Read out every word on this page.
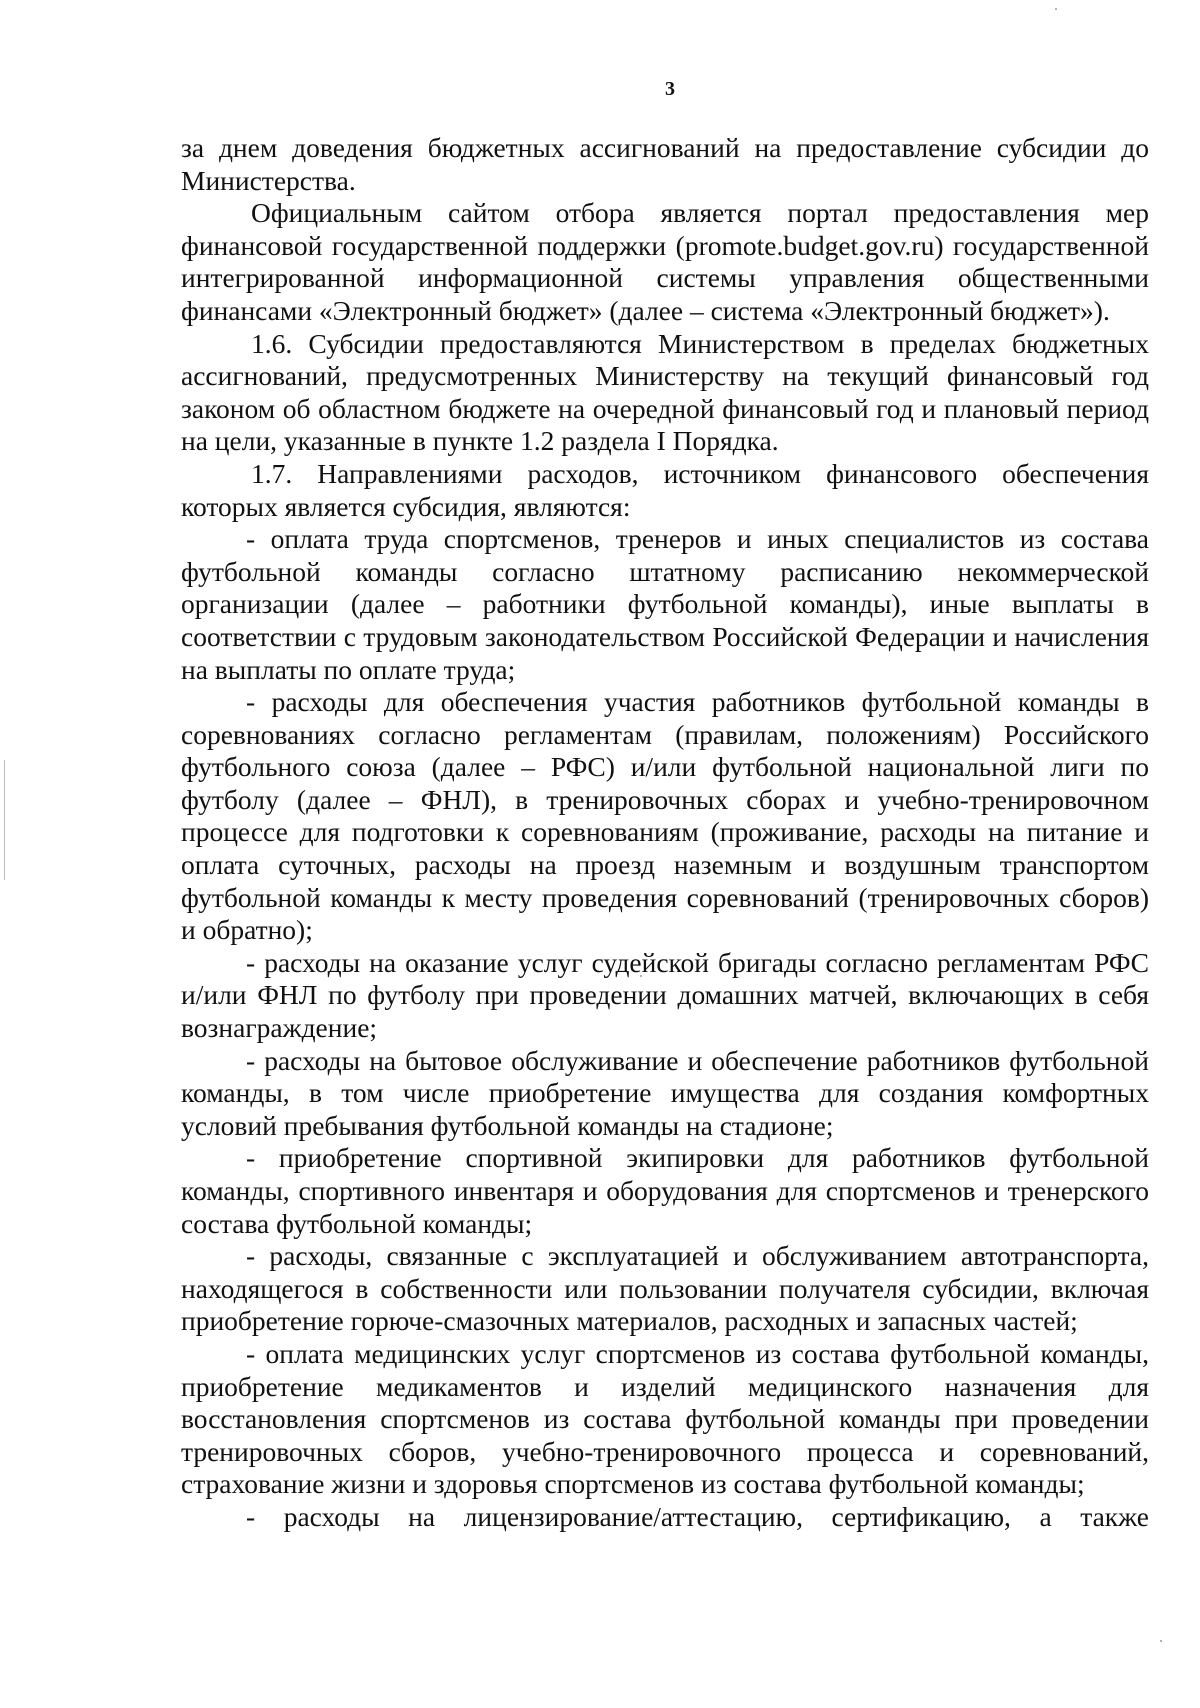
3

за днем доведения бюджетных ассигнований на предоставление субсидии до Министерства.

Официальным сайтом отбора является портал предоставления мер финансовой государственной поддержки (promote.budget.gov.ru) государственной интегрированной информационной системы управления общественными финансами «Электронный бюджет» (далее – система «Электронный бюджет»).

1.6. Субсидии предоставляются Министерством в пределах бюджетных ассигнований, предусмотренных Министерству на текущий финансовый год законом об областном бюджете на очередной финансовый год и плановый период на цели, указанные в пункте 1.2 раздела I Порядка.

1.7. Направлениями расходов, источником финансового обеспечения которых является субсидия, являются:

- оплата труда спортсменов, тренеров и иных специалистов из состава футбольной команды согласно штатному расписанию некоммерческой организации (далее – работники футбольной команды), иные выплаты в соответствии с трудовым законодательством Российской Федерации и начисления на выплаты по оплате труда;

- расходы для обеспечения участия работников футбольной команды в соревнованиях согласно регламентам (правилам, положениям) Российского футбольного союза (далее – РФС) и/или футбольной национальной лиги по футболу (далее – ФНЛ), в тренировочных сборах и учебно-тренировочном процессе для подготовки к соревнованиям (проживание, расходы на питание и оплата суточных, расходы на проезд наземным и воздушным транспортом футбольной команды к месту проведения соревнований (тренировочных сборов) и обратно);

- расходы на оказание услуг судейской бригады согласно регламентам РФС и/или ФНЛ по футболу при проведении домашних матчей, включающих в себя вознаграждение;

- расходы на бытовое обслуживание и обеспечение работников футбольной команды, в том числе приобретение имущества для создания комфортных условий пребывания футбольной команды на стадионе;

- приобретение спортивной экипировки для работников футбольной команды, спортивного инвентаря и оборудования для спортсменов и тренерского состава футбольной команды;

- расходы, связанные с эксплуатацией и обслуживанием автотранспорта, находящегося в собственности или пользовании получателя субсидии, включая приобретение горюче-смазочных материалов, расходных и запасных частей;

- оплата медицинских услуг спортсменов из состава футбольной команды, приобретение медикаментов и изделий медицинского назначения для восстановления спортсменов из состава футбольной команды при проведении тренировочных сборов, учебно-тренировочного процесса и соревнований, страхование жизни и здоровья спортсменов из состава футбольной команды;

- расходы на лицензирование/аттестацию, сертификацию, а также
